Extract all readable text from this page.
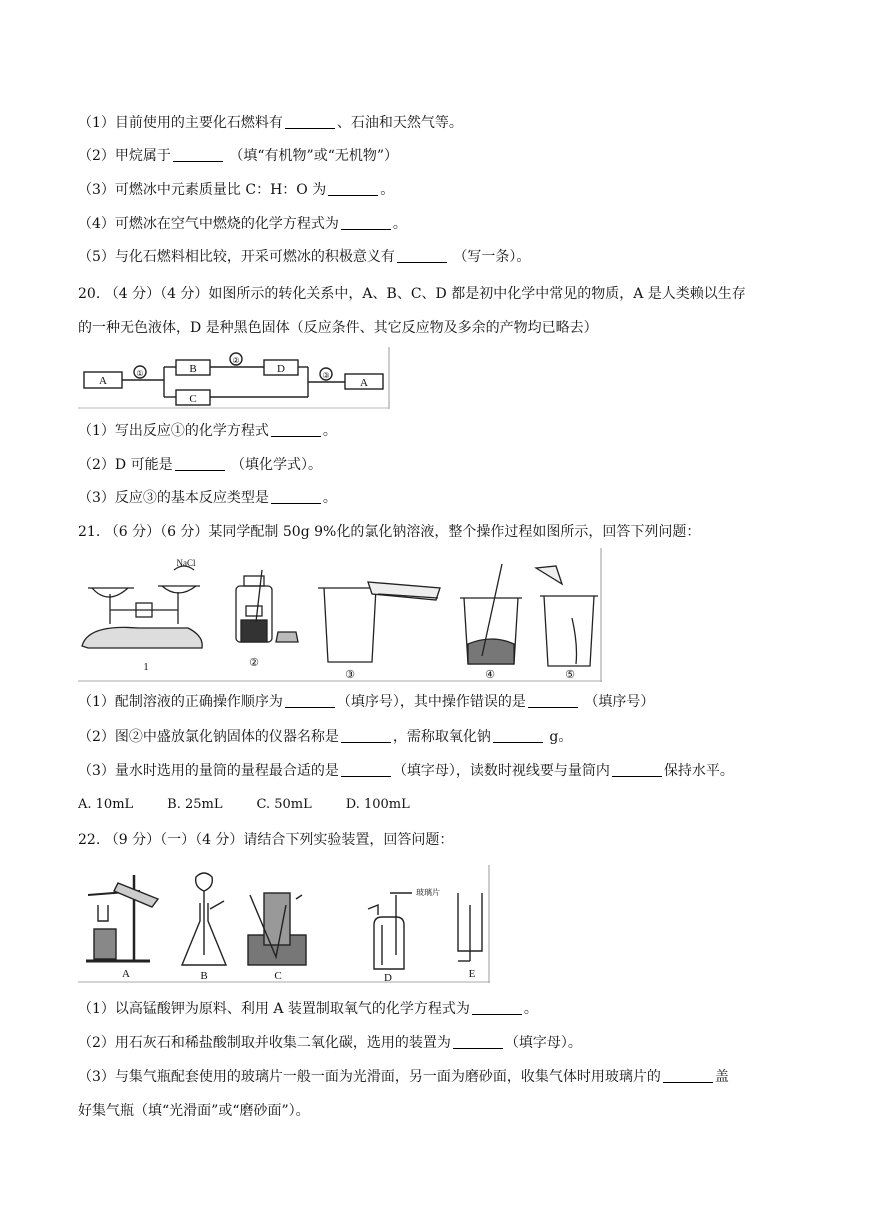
（1）目前使用的主要化石燃料有	、石油和天然气等。
（2）甲烷属于	（填“有机物”或“无机物”）
（3）可燃冰中元素质量比 C：H：O 为	。
（4）可燃冰在空气中燃烧的化学方程式为	。
（5）与化石燃料相比较，开采可燃冰的积极意义有	（写一条）。
20. （4 分）（4 分）如图所示的转化关系中，A、B、C、D 都是初中化学中常见的物质，A 是人类赖以生存
的一种无色液体，D 是种黑色固体（反应条件、其它反应物及多余的产物均已略去）
A
B
C
D
A
①
②
③
（1）写出反应①的化学方程式	。
（2）D 可能是	（填化学式）。
（3）反应③的基本反应类型是	。
21. （6 分）（6 分）某同学配制 50g 9%化的氯化钠溶液，整个操作过程如图所示，回答下列问题：
NaCl
1	②
③	④	⑤
（1）配制溶液的正确操作顺序为	（填序号），其中操作错误的是	（填序号）
（2）图②中盛放氯化钠固体的仪器名称是	，需称取氧化钠	g。
（3）量水时选用的量筒的量程最合适的是	（填字母），读数时视线要与量筒内	保持水平。
A. 10mL	B. 25mL	C. 50mL	D. 100mL
22. （9 分）（一）（4 分）请结合下列实验装置，回答问题：
A	B	C	D	E
玻璃片
（1）以高锰酸钾为原料、利用 A 装置制取氧气的化学方程式为	。
（2）用石灰石和稀盐酸制取并收集二氧化碳，选用的装置为	（填字母）。
（3）与集气瓶配套使用的玻璃片一般一面为光滑面，另一面为磨砂面，收集气体时用玻璃片的	盖
好集气瓶（填“光滑面”或“磨砂面”）。
